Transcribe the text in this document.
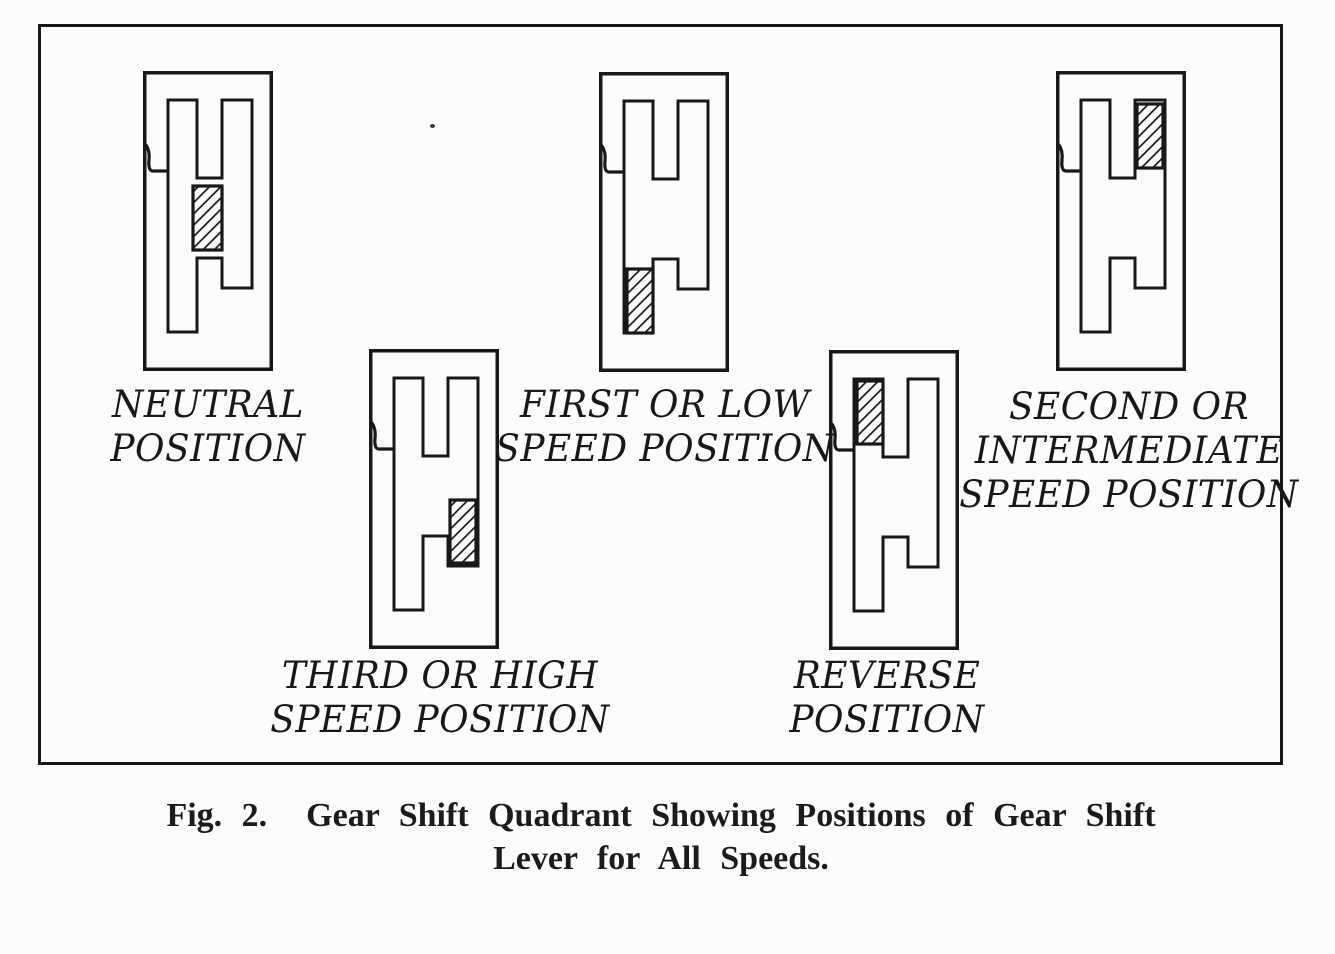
NEUTRAL
POSITION
FIRST OR LOW
SPEED POSITION
SECOND OR
INTERMEDIATE
SPEED POSITION
THIRD OR HIGH
SPEED POSITION
REVERSE
POSITION
Fig. 2.  Gear Shift Quadrant Showing Positions of Gear Shift
Lever for All Speeds.
